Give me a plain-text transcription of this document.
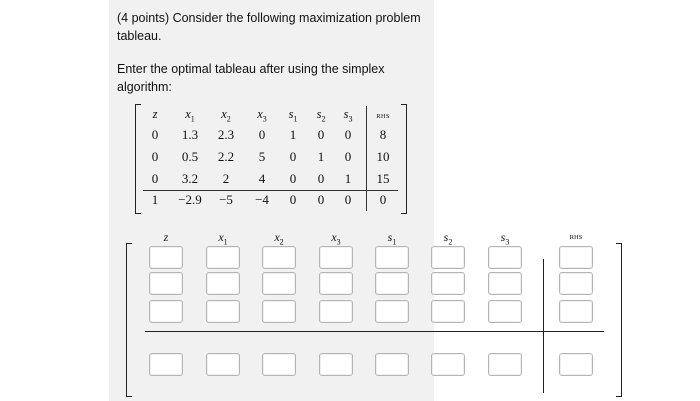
(4 points) Consider the following maximization problem
tableau.
Enter the optimal tableau after using the simplex
algorithm:
z	$x_1$	$x_2$	$x_3$	$s_1$	$s_2$	$s_3$	RHS
0	1.3	2.3	0	1	0	0	8
0	0.5	2.2	5	0	1	0	10
0	3.2	2	4	0	0	1	15
1	−2.9	−5	−4	0	0	0	0
z	$x_1$	$x_2$	$x_3$	$s_1$	$s_2$	$s_3$	RHS
